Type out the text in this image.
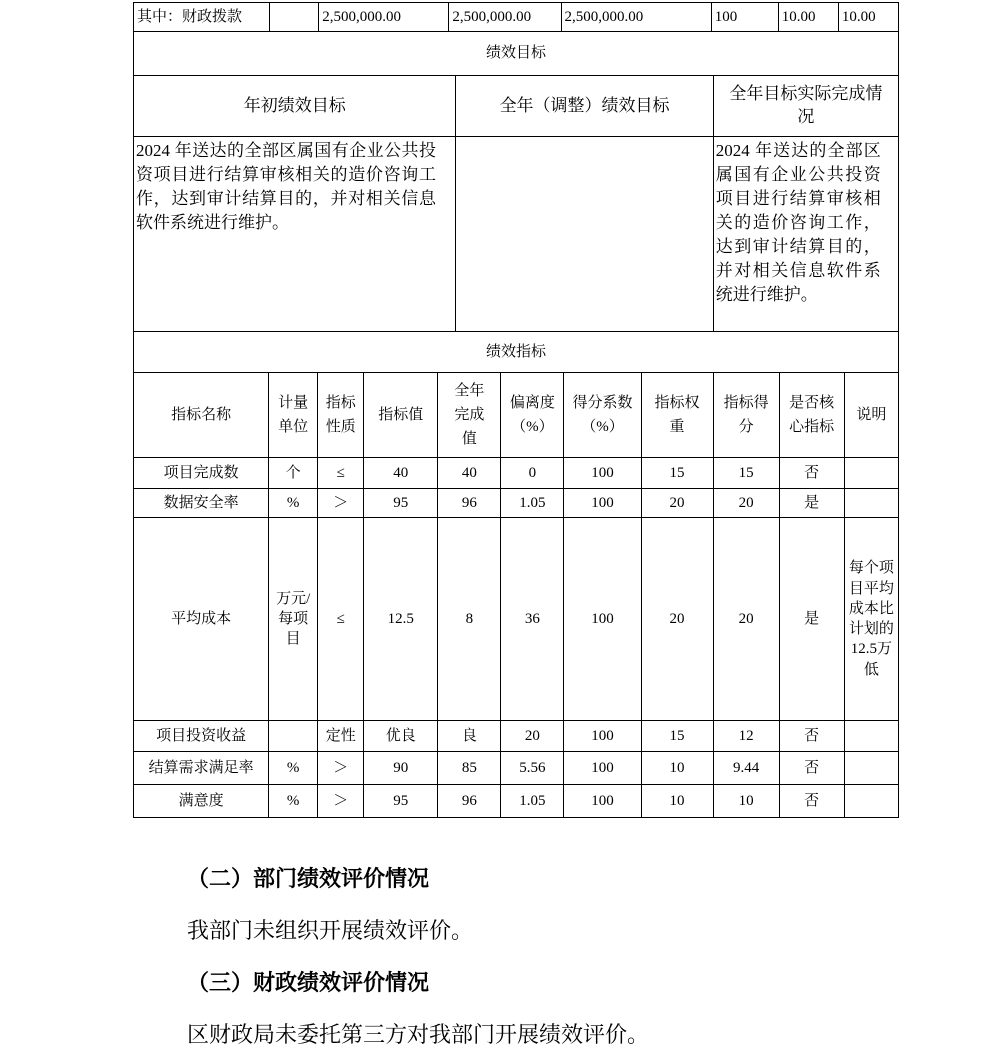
其中：财政拨款		2,500,000.00	2,500,000.00	2,500,000.00	100	10.00	10.00
绩效目标		
年初绩效目标	全年（调整）绩效目标	全年目标实际完成情况
2024 年送达的全部区属国有企业公共投资项目进行结算审核相关的造价咨询工作，达到审计结算目的，并对相关信息软件系统进行维护。		2024 年送达的全部区属国有企业公共投资项目进行结算审核相关的造价咨询工作，达到审计结算目的，并对相关信息软件系统进行维护。
绩效指标										
指标名称	计量单位	指标性质	指标值	全年完成值	偏离度（%）	得分系数（%）	指标权重	指标得分	是否核心指标	说明
项目完成数	个	≤	40	40	0	100	15	15	否	
数据安全率	%	＞	95	96	1.05	100	20	20	是	
平均成本	万元/每项目	≤	12.5	8	36	100	20	20	是	每个项目平均成本比计划的12.5万低
项目投资收益		定性	优良	良	20	100	15	12	否	
结算需求满足率	%	＞	90	85	5.56	100	10	9.44	否	
满意度	%	＞	95	96	1.05	100	10	10	否	

（二）部门绩效评价情况

我部门未组织开展绩效评价。

（三）财政绩效评价情况

区财政局未委托第三方对我部门开展绩效评价。
